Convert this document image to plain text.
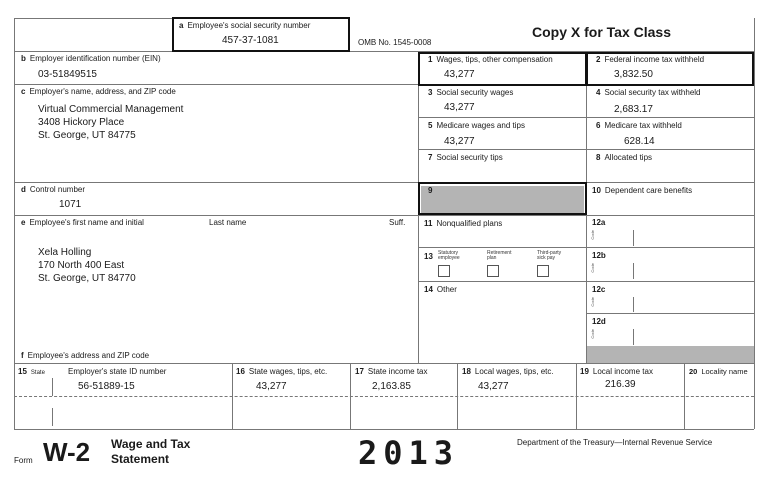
a Employee's social security number
457-37-1081	OMB No. 1545-0008
Copy X for Tax Class
b Employer identification number (EIN)
03-51849515
c Employer's name, address, and ZIP code
Virtual Commercial Management
3408 Hickory Place
St. George, UT 84775
d Control number
1071
e Employee's first name and initial	Last name	Suff.
Xela Holling
170 North 400 East
St. George, UT 84770
f Employee's address and ZIP code
1 Wages, tips, other compensation
43,277
2 Federal income tax withheld
3,832.50
3 Social security wages
43,277
4 Social security tax withheld
2,683.17
5 Medicare wages and tips
43,277
6 Medicare tax withheld
628.14
7 Social security tips	8 Allocated tips
9	10 Dependent care benefits
11 Nonqualified plans
13 Statutory employee
Retirement plan
Third-party sick pay
14 Other
12a
Code
12b
Code
12c
Code
12d
Code
15 State	Employer's state ID number
56-51889-15
16 State wages, tips, etc.
43,277
17 State income tax
2,163.85
18 Local wages, tips, etc.
43,277
19 Local income tax
216.39
20 Locality name
Form W-2 Wage and Tax
Statement	2013	Department of the Treasury—Internal Revenue Service
